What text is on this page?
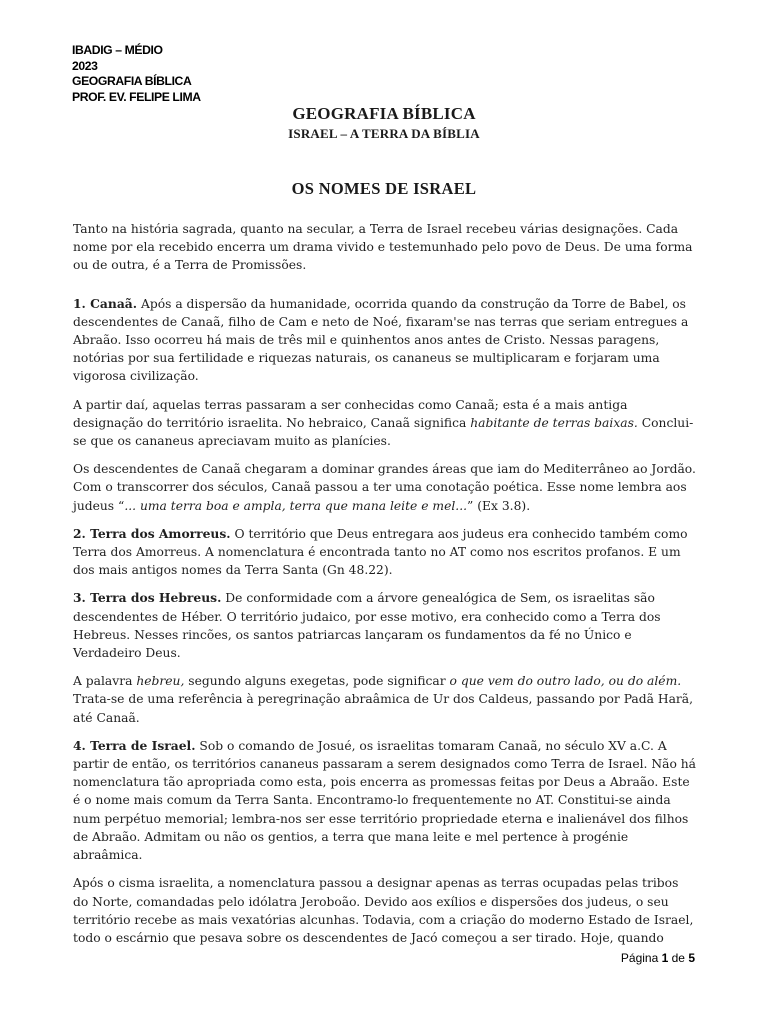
IBADIG – MÉDIO
2023
GEOGRAFIA BÍBLICA
PROF. EV. FELIPE LIMA
GEOGRAFIA BÍBLICA
ISRAEL – A TERRA DA BÍBLIA
OS NOMES DE ISRAEL

Tanto na história sagrada, quanto na secular, a Terra de Israel recebeu várias designações. Cada nome por ela recebido encerra um drama vivido e testemunhado pelo povo de Deus. De uma forma ou de outra, é a Terra de Promissões.

1. Canaã. Após a dispersão da humanidade, ocorrida quando da construção da Torre de Babel, os descendentes de Canaã, filho de Cam e neto de Noé, fixaram'se nas terras que seriam entregues a Abraão. Isso ocorreu há mais de três mil e quinhentos anos antes de Cristo. Nessas paragens, notórias por sua fertilidade e riquezas naturais, os cananeus se multiplicaram e forjaram uma vigorosa civilização.

A partir daí, aquelas terras passaram a ser conhecidas como Canaã; esta é a mais antiga designação do território israelita. No hebraico, Canaã significa habitante de terras baixas. Conclui-se que os cananeus apreciavam muito as planícies.

Os descendentes de Canaã chegaram a dominar grandes áreas que iam do Mediterrâneo ao Jordão. Com o transcorrer dos séculos, Canaã passou a ter uma conotação poética. Esse nome lembra aos judeus “... uma terra boa e ampla, terra que mana leite e mel...” (Ex 3.8).

2. Terra dos Amorreus. O território que Deus entregara aos judeus era conhecido também como Terra dos Amorreus. A nomenclatura é encontrada tanto no AT como nos escritos profanos. E um dos mais antigos nomes da Terra Santa (Gn 48.22).

3. Terra dos Hebreus. De conformidade com a árvore genealógica de Sem, os israelitas são descendentes de Héber. O território judaico, por esse motivo, era conhecido como a Terra dos Hebreus. Nesses rincões, os santos patriarcas lançaram os fundamentos da fé no Único e Verdadeiro Deus.

A palavra hebreu, segundo alguns exegetas, pode significar o que vem do outro lado, ou do além. Trata-se de uma referência à peregrinação abraâmica de Ur dos Caldeus, passando por Padã Harã, até Canaã.

4. Terra de Israel. Sob o comando de Josué, os israelitas tomaram Canaã, no século XV a.C. A partir de então, os territórios cananeus passaram a serem designados como Terra de Israel. Não há nomenclatura tão apropriada como esta, pois encerra as promessas feitas por Deus a Abraão. Este é o nome mais comum da Terra Santa. Encontramo-lo frequentemente no AT. Constitui-se ainda num perpétuo memorial; lembra-nos ser esse território propriedade eterna e inalienável dos filhos de Abraão. Admitam ou não os gentios, a terra que mana leite e mel pertence à progénie abraâmica.

Após o cisma israelita, a nomenclatura passou a designar apenas as terras ocupadas pelas tribos do Norte, comandadas pelo idólatra Jeroboão. Devido aos exílios e dispersões dos judeus, o seu território recebe as mais vexatórias alcunhas. Todavia, com a criação do moderno Estado de Israel, todo o escárnio que pesava sobre os descendentes de Jacó começou a ser tirado. Hoje, quando

Página 1 de 5
